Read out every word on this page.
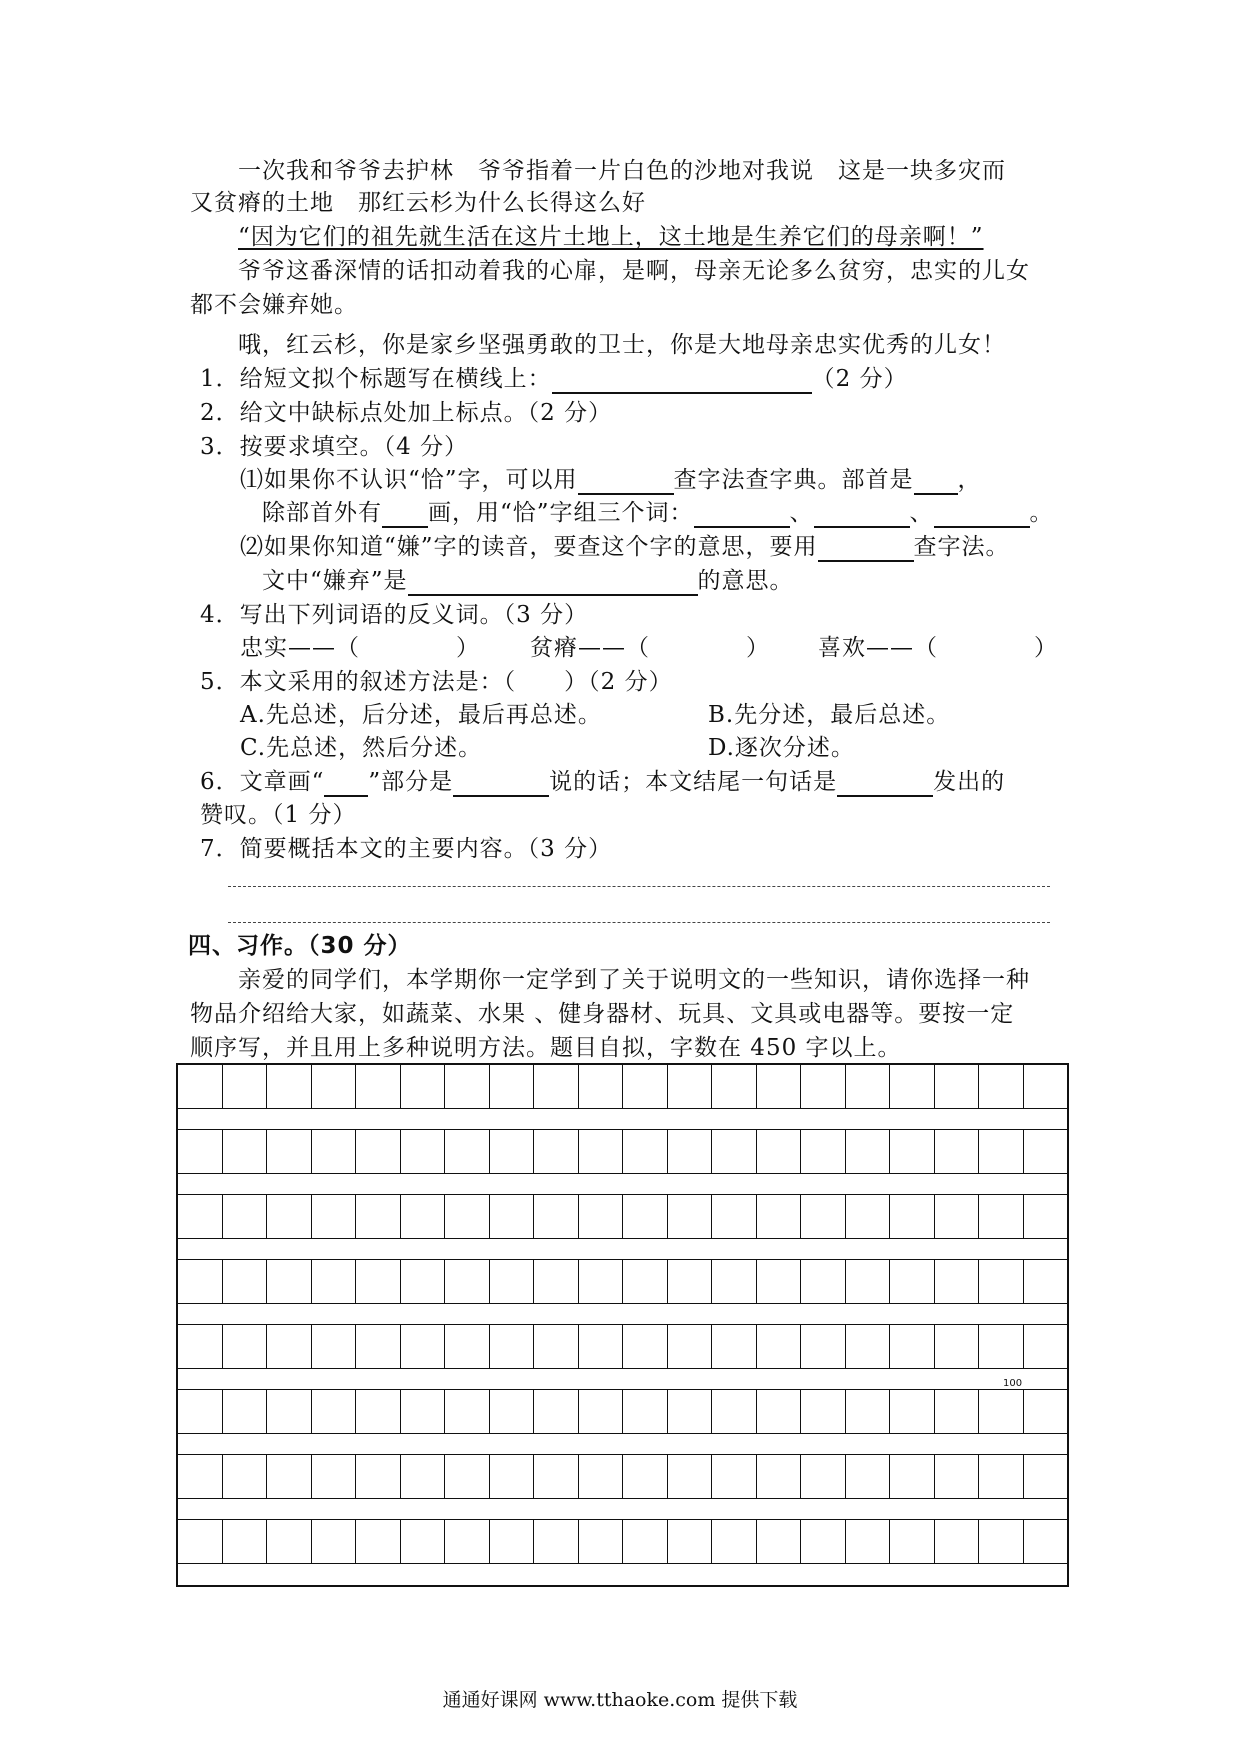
一次我和爷爷去护林　爷爷指着一片白色的沙地对我说　这是一块多灾而
又贫瘠的土地　那红云杉为什么长得这么好
“因为它们的祖先就生活在这片土地上，这土地是生养它们的母亲啊！”
爷爷这番深情的话扣动着我的心扉，是啊，母亲无论多么贫穷，忠实的儿女
都不会嫌弃她。
哦，红云杉，你是家乡坚强勇敢的卫士，你是大地母亲忠实优秀的儿女！
1．给短文拟个标题写在横线上：	（2 分）
2．给文中缺标点处加上标点。（2 分）
3．按要求填空。（4 分）
⑴如果你不认识“恰”字，可以用	查字法查字典。部首是 ，
除部首外有 画，用“恰”字组三个词：	、	、	。
⑵如果你知道“嫌”字的读音，要查这个字的意思，要用	查字法。
文中“嫌弃”是	的意思。
4．写出下列词语的反义词。（3 分）
忠实——（　　　　） 贫瘠——（　　　　） 喜欢——（　　　　）
5．本文采用的叙述方法是：（　　）（2 分）
A.先总述，后分述，最后再总述。	B.先分述，最后总述。
C.先总述，然后分述。	D.逐次分述。
6．文章画“ ”部分是	说的话；本文结尾一句话是	发出的
赞叹。（1 分）
7．简要概括本文的主要内容。（3 分）
四、习作。（30 分）
亲爱的同学们，本学期你一定学到了关于说明文的一些知识，请你选择一种
物品介绍给大家，如蔬菜、水果 、健身器材、玩具、文具或电器等。要按一定
顺序写，并且用上多种说明方法。题目自拟，字数在 450 字以上。
100
通通好课网 www.tthaoke.com 提供下载
